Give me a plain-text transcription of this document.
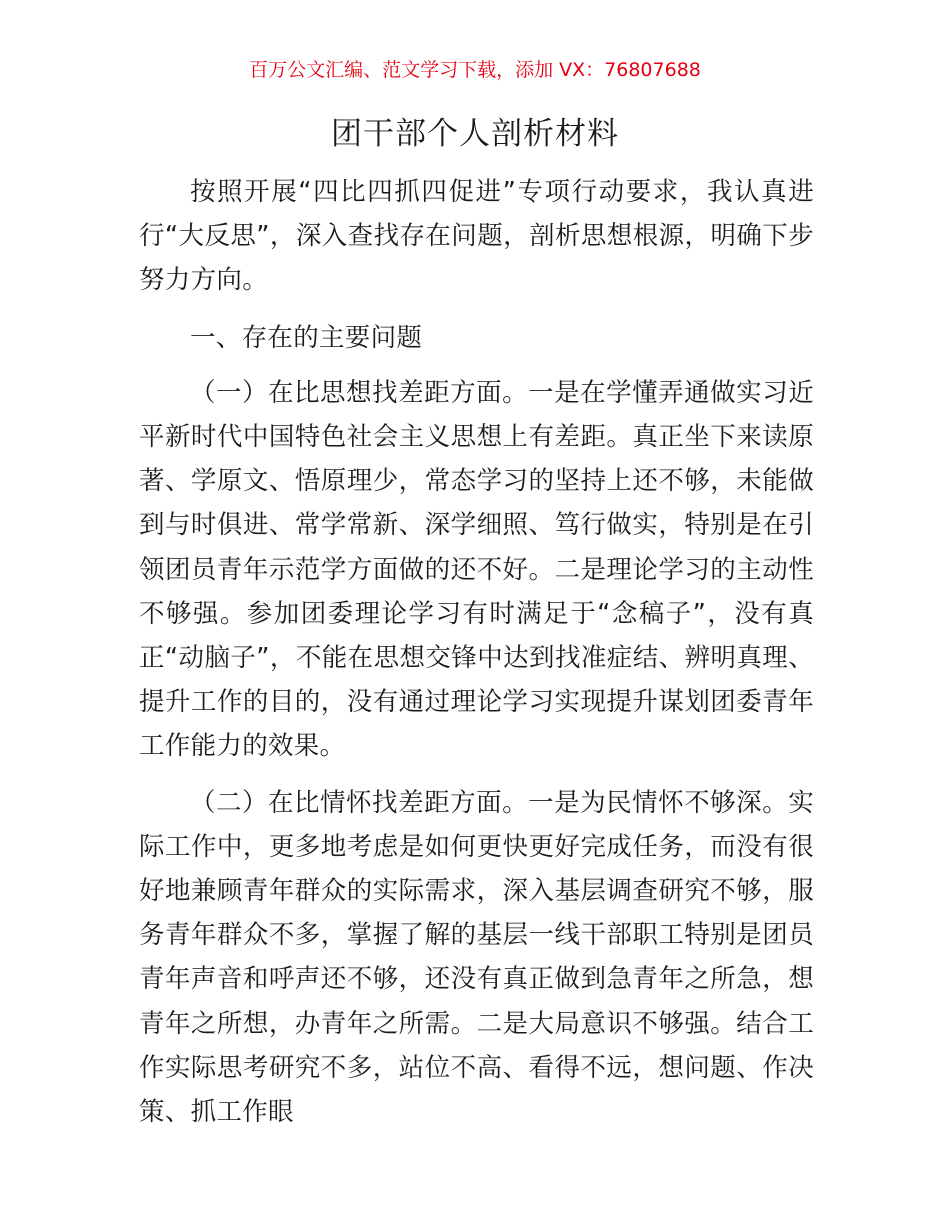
百万公文汇编、范文学习下载，添加 VX：76807688
团干部个人剖析材料

按照开展“四比四抓四促进”专项行动要求，我认真进行“大反思”，深入查找存在问题，剖析思想根源，明确下步努力方向。

一、存在的主要问题

（一）在比思想找差距方面。一是在学懂弄通做实习近平新时代中国特色社会主义思想上有差距。真正坐下来读原著、学原文、悟原理少，常态学习的坚持上还不够，未能做到与时俱进、常学常新、深学细照、笃行做实，特别是在引领团员青年示范学方面做的还不好。二是理论学习的主动性不够强。参加团委理论学习有时满足于“念稿子”，没有真正“动脑子”，不能在思想交锋中达到找准症结、辨明真理、提升工作的目的，没有通过理论学习实现提升谋划团委青年工作能力的效果。

（二）在比情怀找差距方面。一是为民情怀不够深。实际工作中，更多地考虑是如何更快更好完成任务，而没有很好地兼顾青年群众的实际需求，深入基层调查研究不够，服务青年群众不多，掌握了解的基层一线干部职工特别是团员青年声音和呼声还不够，还没有真正做到急青年之所急，想青年之所想，办青年之所需。二是大局意识不够强。结合工作实际思考研究不多，站位不高、看得不远，想问题、作决策、抓工作眼
